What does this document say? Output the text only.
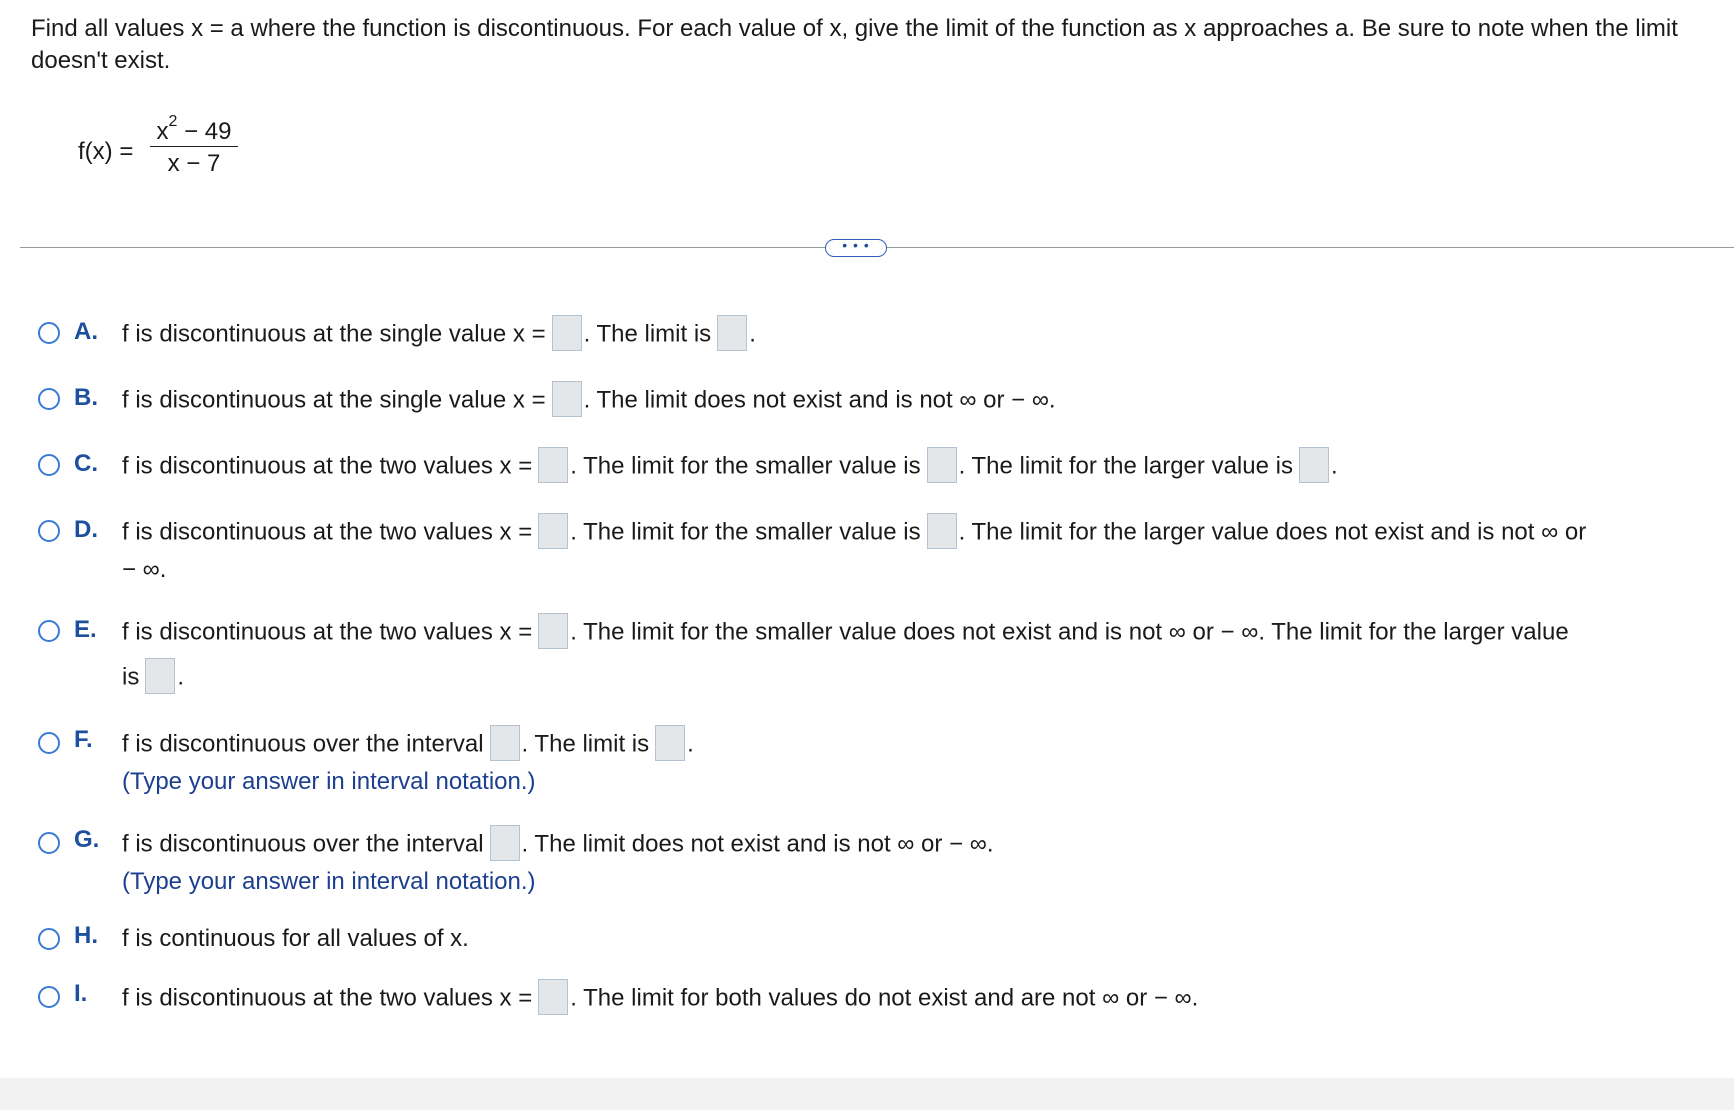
Find all values x = a where the function is discontinuous. For each value of x, give the limit of the function as x approaches a. Be sure to note when the limit doesn't exist.
f(x) =
$x^2 - 49$
x − 7
• • •
A. f is discontinuous at the single value x = . The limit is .
B. f is discontinuous at the single value x = . The limit does not exist and is not ∞ or − ∞.
C. f is discontinuous at the two values x = . The limit for the smaller value is . The limit for the larger value is .
D. f is discontinuous at the two values x = . The limit for the smaller value is . The limit for the larger value does not exist and is not ∞ or
− ∞.
E. f is discontinuous at the two values x = . The limit for the smaller value does not exist and is not ∞ or − ∞. The limit for the larger value
is .
F. f is discontinuous over the interval . The limit is .
(Type your answer in interval notation.)
G. f is discontinuous over the interval . The limit does not exist and is not ∞ or − ∞.
(Type your answer in interval notation.)
H. f is continuous for all values of x.
I. f is discontinuous at the two values x = . The limit for both values do not exist and are not ∞ or − ∞.
